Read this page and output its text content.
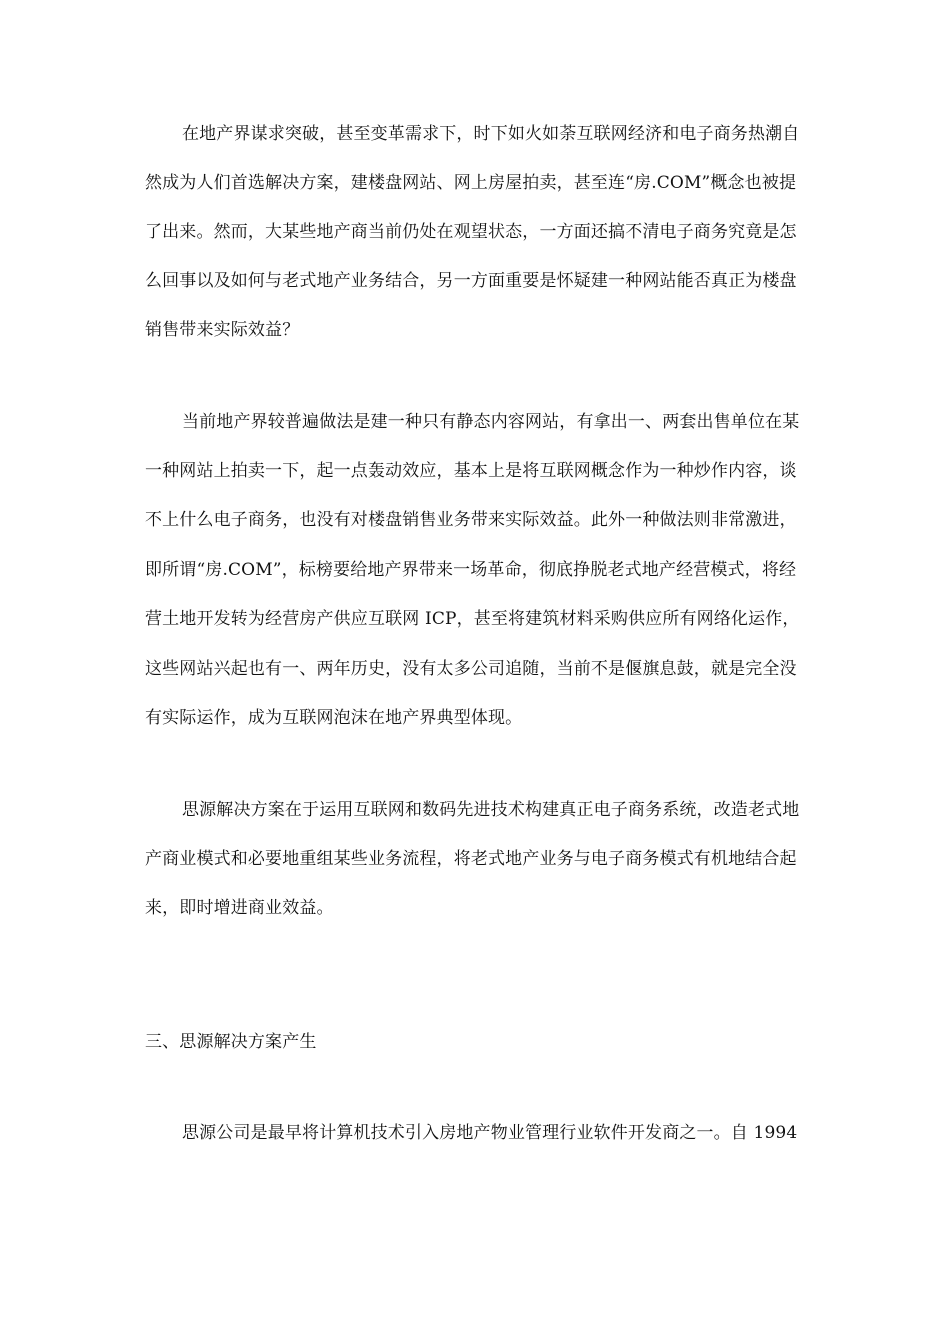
在地产界谋求突破，甚至变革需求下，时下如火如荼互联网经济和电子商务热潮自

然成为人们首选解决方案，建楼盘网站、网上房屋拍卖，甚至连“房.COM”概念也被提

了出来。然而，大某些地产商当前仍处在观望状态，一方面还搞不清电子商务究竟是怎

么回事以及如何与老式地产业务结合，另一方面重要是怀疑建一种网站能否真正为楼盘

销售带来实际效益？

当前地产界较普遍做法是建一种只有静态内容网站，有拿出一、两套出售单位在某

一种网站上拍卖一下，起一点轰动效应，基本上是将互联网概念作为一种炒作内容，谈

不上什么电子商务，也没有对楼盘销售业务带来实际效益。此外一种做法则非常激进，

即所谓“房.COM”，标榜要给地产界带来一场革命，彻底挣脱老式地产经营模式，将经

营土地开发转为经营房产供应互联网 ICP，甚至将建筑材料采购供应所有网络化运作，

这些网站兴起也有一、两年历史，没有太多公司追随，当前不是偃旗息鼓，就是完全没

有实际运作，成为互联网泡沫在地产界典型体现。

思源解决方案在于运用互联网和数码先进技术构建真正电子商务系统，改造老式地

产商业模式和必要地重组某些业务流程，将老式地产业务与电子商务模式有机地结合起

来，即时增进商业效益。

三、思源解决方案产生

思源公司是最早将计算机技术引入房地产物业管理行业软件开发商之一。自 1994
